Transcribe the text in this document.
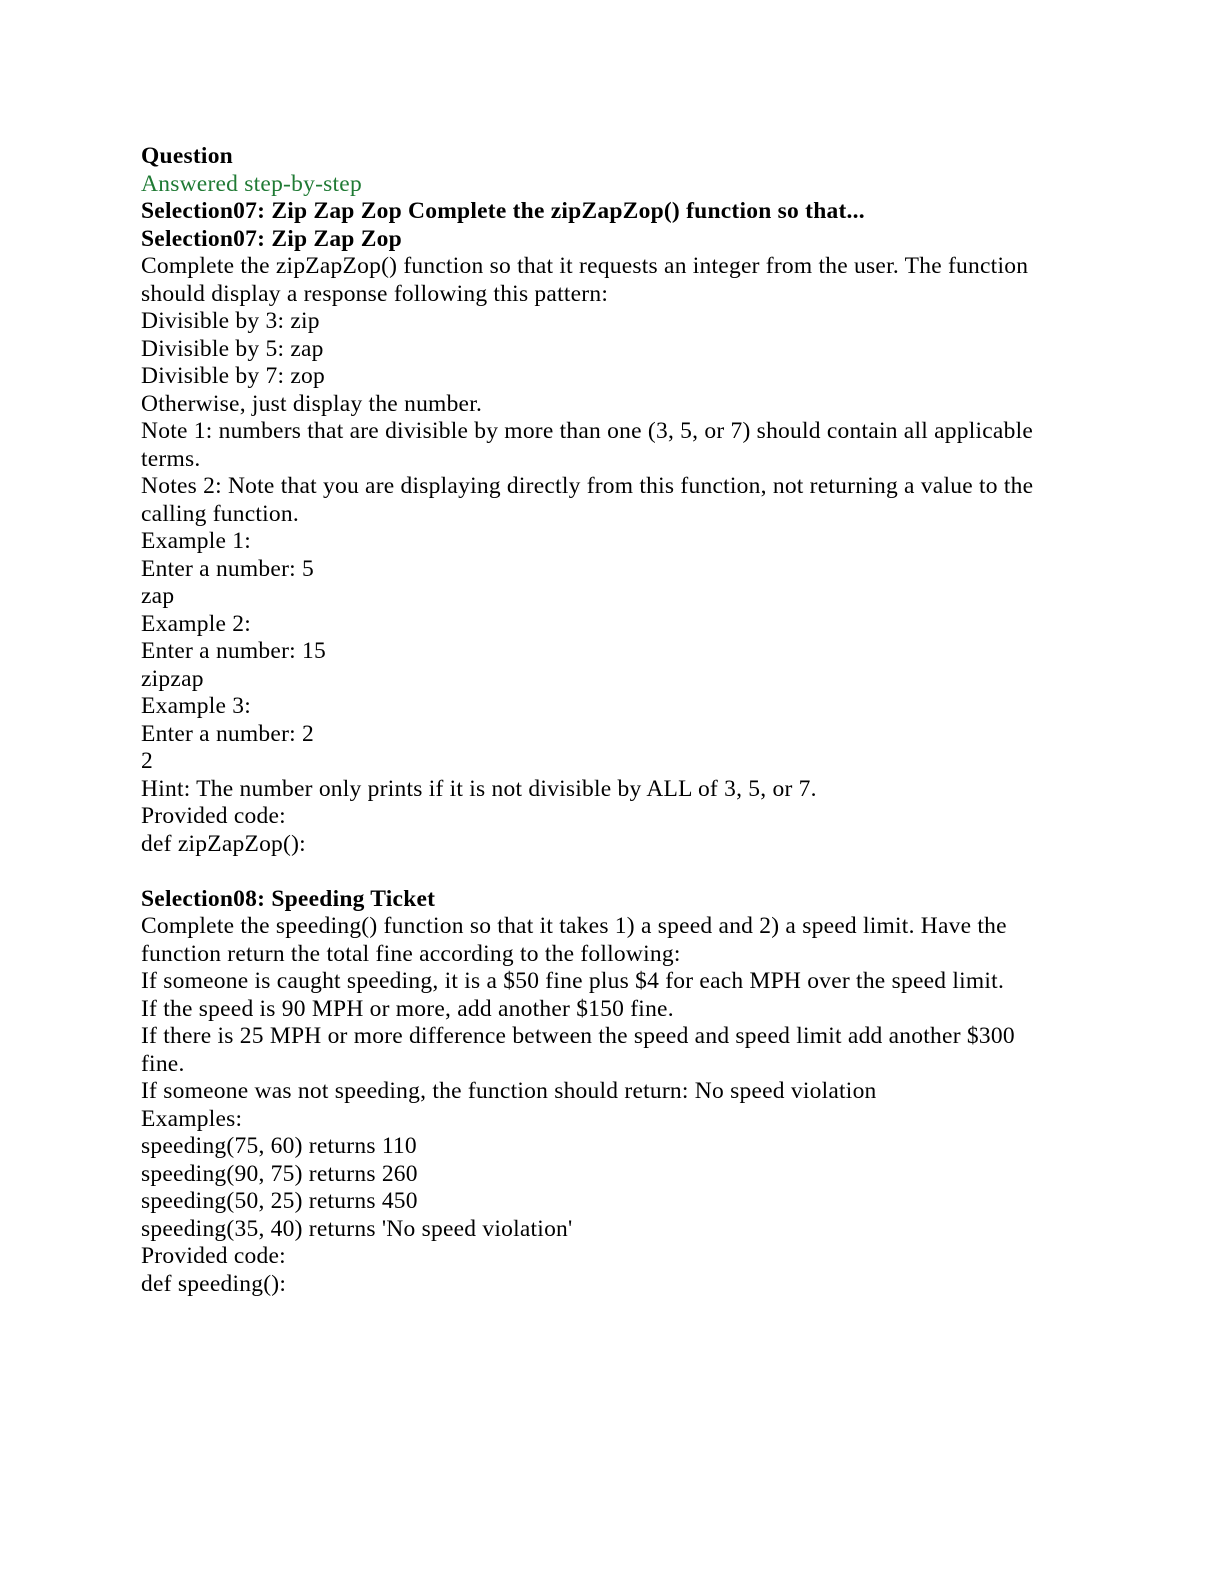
Question
Answered step-by-step
Selection07: Zip Zap Zop Complete the zipZapZop() function so that...
Selection07: Zip Zap Zop
Complete the zipZapZop() function so that it requests an integer from the user. The function should display a response following this pattern:
Divisible by 3: zip
Divisible by 5: zap
Divisible by 7: zop
Otherwise, just display the number.
Note 1: numbers that are divisible by more than one (3, 5, or 7) should contain all applicable terms.
Notes 2: Note that you are displaying directly from this function, not returning a value to the calling function.
Example 1:
Enter a number: 5
zap
Example 2:
Enter a number: 15
zipzap
Example 3:
Enter a number: 2
2
Hint: The number only prints if it is not divisible by ALL of 3, 5, or 7.
Provided code:
def zipZapZop():
Selection08: Speeding Ticket
Complete the speeding() function so that it takes 1) a speed and 2) a speed limit. Have the function return the total fine according to the following:
If someone is caught speeding, it is a $50 fine plus $4 for each MPH over the speed limit.
If the speed is 90 MPH or more, add another $150 fine.
If there is 25 MPH or more difference between the speed and speed limit add another $300 fine.
If someone was not speeding, the function should return: No speed violation
Examples:
speeding(75, 60) returns 110
speeding(90, 75) returns 260
speeding(50, 25) returns 450
speeding(35, 40) returns 'No speed violation'
Provided code:
def speeding():
